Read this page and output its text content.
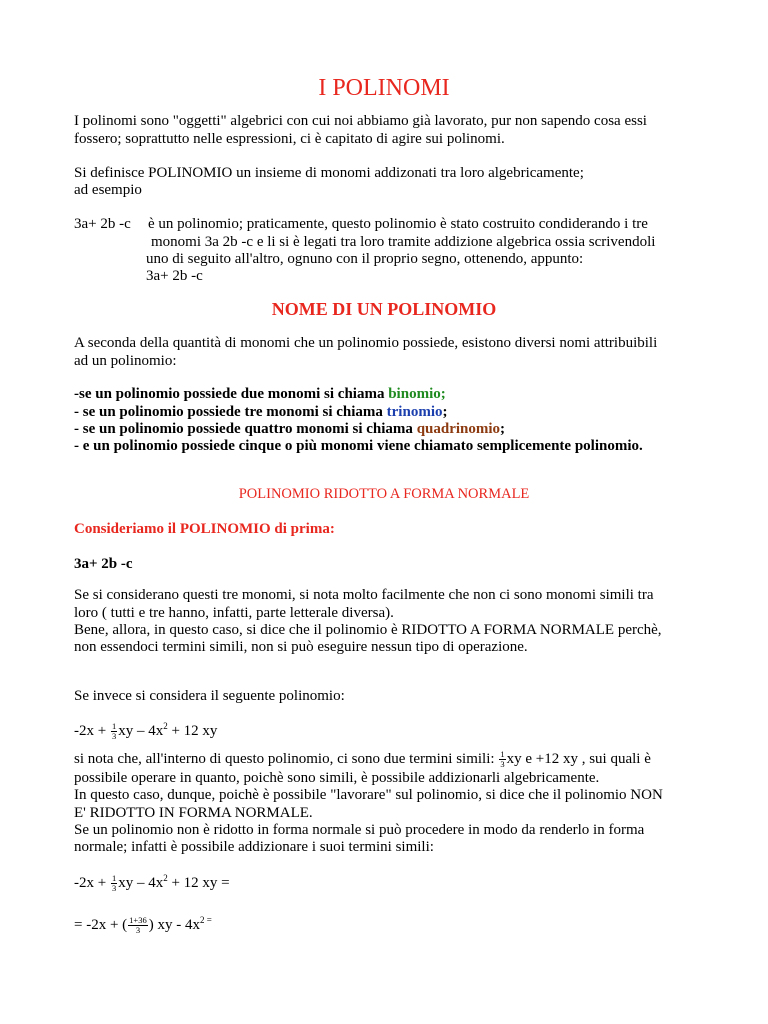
I POLINOMI
I polinomi sono "oggetti" algebrici con cui noi abbiamo già lavorato, pur non sapendo cosa essi
fossero; soprattutto nelle espressioni, ci è capitato di agire sui polinomi.
Si definisce POLINOMIO un insieme di monomi addizonati tra loro algebricamente;
ad esempio
3a+ 2b -c è un polinomio; praticamente, questo polinomio è stato costruito condiderando i tre
monomi 3a 2b -c e li si è legati tra loro tramite addizione algebrica ossia scrivendoli
uno di seguito all'altro, ognuno con il proprio segno, ottenendo, appunto:
3a+ 2b -c
NOME DI UN POLINOMIO
A seconda della quantità di monomi che un polinomio possiede, esistono diversi nomi attribuibili
ad un polinomio:
-se un polinomio possiede due monomi si chiama binomio;
- se un polinomio possiede tre monomi si chiama trinomio;
- se un polinomio possiede quattro monomi si chiama quadrinomio;
- e un polinomio possiede cinque o più monomi viene chiamato semplicemente polinomio.
POLINOMIO RIDOTTO A FORMA NORMALE
Consideriamo il POLINOMIO di prima:
3a+ 2b -c
Se si considerano questi tre monomi, si nota molto facilmente che non ci sono monomi simili tra
loro ( tutti e tre hanno, infatti, parte letterale diversa).
Bene, allora, in questo caso, si dice che il polinomio è RIDOTTO A FORMA NORMALE perchè,
non essendoci termini simili, non si può eseguire nessun tipo di operazione.
Se invece si considera il seguente polinomio:
$-2x + \frac{1}{3}$ xy – $4x^2 + 12$ xy
si nota che, all'interno di questo polinomio, ci sono due termini simili: $\frac{1}{3}$ xy e +12 xy , sui quali è
possibile operare in quanto, poichè sono simili, è possibile addizionarli algebricamente.
In questo caso, dunque, poichè è possibile "lavorare" sul polinomio, si dice che il polinomio NON
E' RIDOTTO IN FORMA NORMALE.
Se un polinomio non è ridotto in forma normale si può procedere in modo da renderlo in forma
normale; infatti è possibile addizionare i suoi termini simili:
$-2x + \frac{1}{3}$ xy – $4x^2 + 12$ xy =
= -2x + ( $\frac{1+36}{3}$ ) xy - $4x^{2 =}$
